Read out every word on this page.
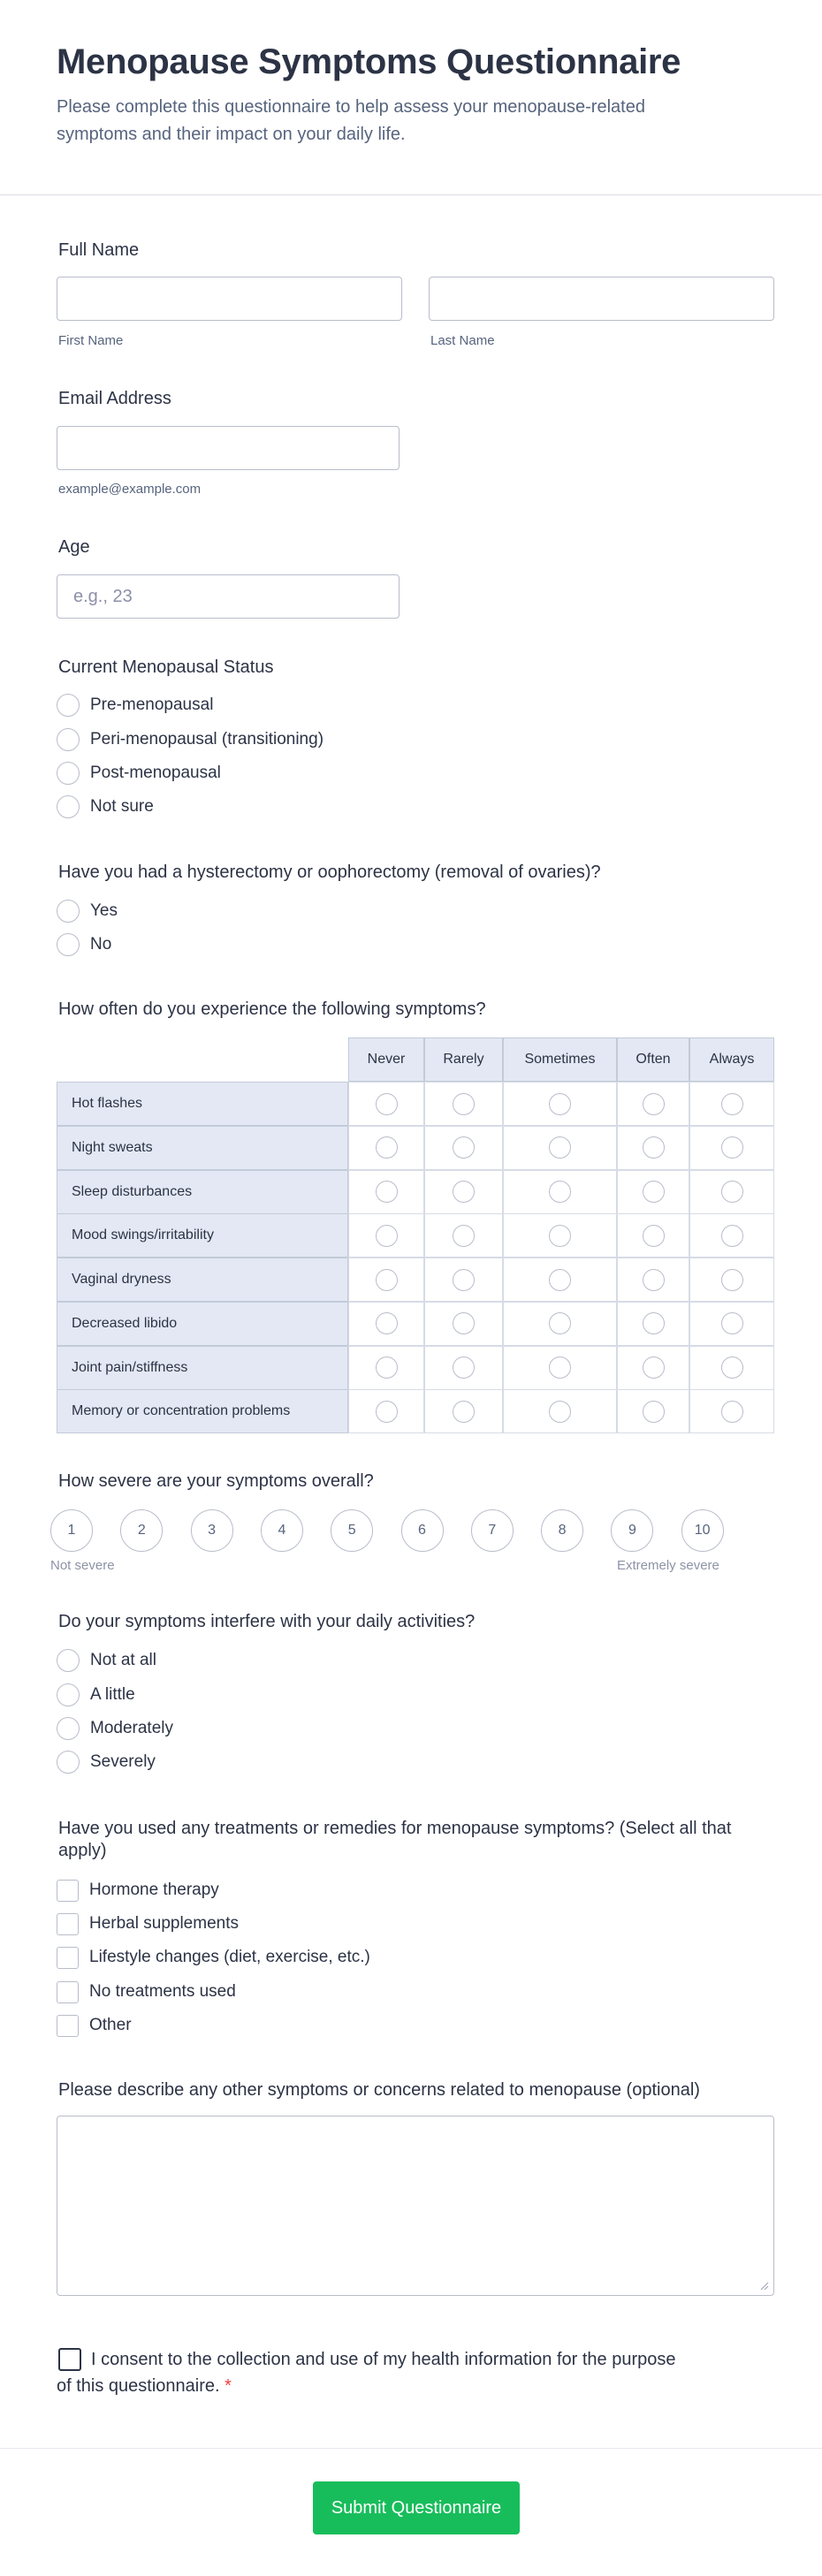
Menopause Symptoms Questionnaire

Please complete this questionnaire to help assess your menopause-related symptoms and their impact on your daily life.

Full Name
First Name	Last Name
Email Address
example@example.com
Age
e.g., 23
Current Menopausal Status
Pre-menopausal
Peri-menopausal (transitioning)
Post-menopausal
Not sure
Have you had a hysterectomy or oophorectomy (removal of ovaries)?
Yes
No
How often do you experience the following symptoms?
Never	Rarely	Sometimes	Often	Always
Hot flashes
Night sweats
Sleep disturbances
Mood swings/irritability
Vaginal dryness
Decreased libido
Joint pain/stiffness
Memory or concentration problems
How severe are your symptoms overall?
1	2	3	4	5	6	7	8	9	10
Not severe	Extremely severe
Do your symptoms interfere with your daily activities?
Not at all
A little
Moderately
Severely
Have you used any treatments or remedies for menopause symptoms? (Select all that apply)
Hormone therapy
Herbal supplements
Lifestyle changes (diet, exercise, etc.)
No treatments used
Other
Please describe any other symptoms or concerns related to menopause (optional)
I consent to the collection and use of my health information for the purpose of this questionnaire. *
Submit Questionnaire
